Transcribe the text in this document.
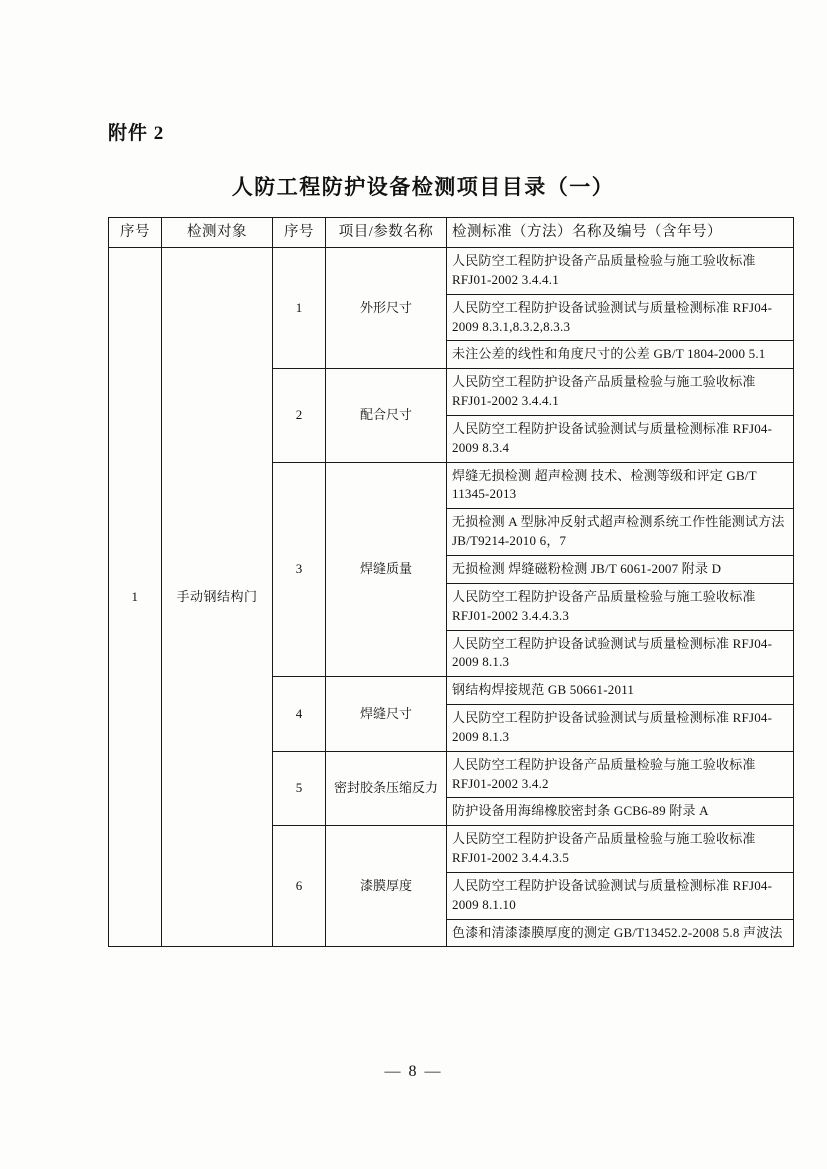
附件 2
人防工程防护设备检测项目目录（一）
序号	检测对象	序号	项目/参数名称	检测标准（方法）名称及编号（含年号）
1	手动钢结构门	1	外形尺寸	人民防空工程防护设备产品质量检验与施工验收标准 RFJ01-2002 3.4.4.1
				人民防空工程防护设备试验测试与质量检测标准 RFJ04-2009 8.3.1,8.3.2,8.3.3
				未注公差的线性和角度尺寸的公差 GB/T 1804-2000 5.1
		2	配合尺寸	人民防空工程防护设备产品质量检验与施工验收标准 RFJ01-2002 3.4.4.1
				人民防空工程防护设备试验测试与质量检测标准 RFJ04-2009 8.3.4
		3	焊缝质量	焊缝无损检测 超声检测 技术、检测等级和评定 GB/T 11345-2013
				无损检测 A 型脉冲反射式超声检测系统工作性能测试方法 JB/T9214-2010 6，7
				无损检测 焊缝磁粉检测 JB/T 6061-2007 附录 D
				人民防空工程防护设备产品质量检验与施工验收标准 RFJ01-2002 3.4.4.3.3
				人民防空工程防护设备试验测试与质量检测标准 RFJ04-2009 8.1.3
		4	焊缝尺寸	钢结构焊接规范 GB 50661-2011
				人民防空工程防护设备试验测试与质量检测标准 RFJ04-2009 8.1.3
		5	密封胶条压缩反力	人民防空工程防护设备产品质量检验与施工验收标准 RFJ01-2002 3.4.2
				防护设备用海绵橡胶密封条 GCB6-89 附录 A
		6	漆膜厚度	人民防空工程防护设备产品质量检验与施工验收标准 RFJ01-2002 3.4.4.3.5
				人民防空工程防护设备试验测试与质量检测标准 RFJ04-2009 8.1.10
				色漆和清漆漆膜厚度的测定 GB/T13452.2-2008 5.8 声波法
— 8 —
